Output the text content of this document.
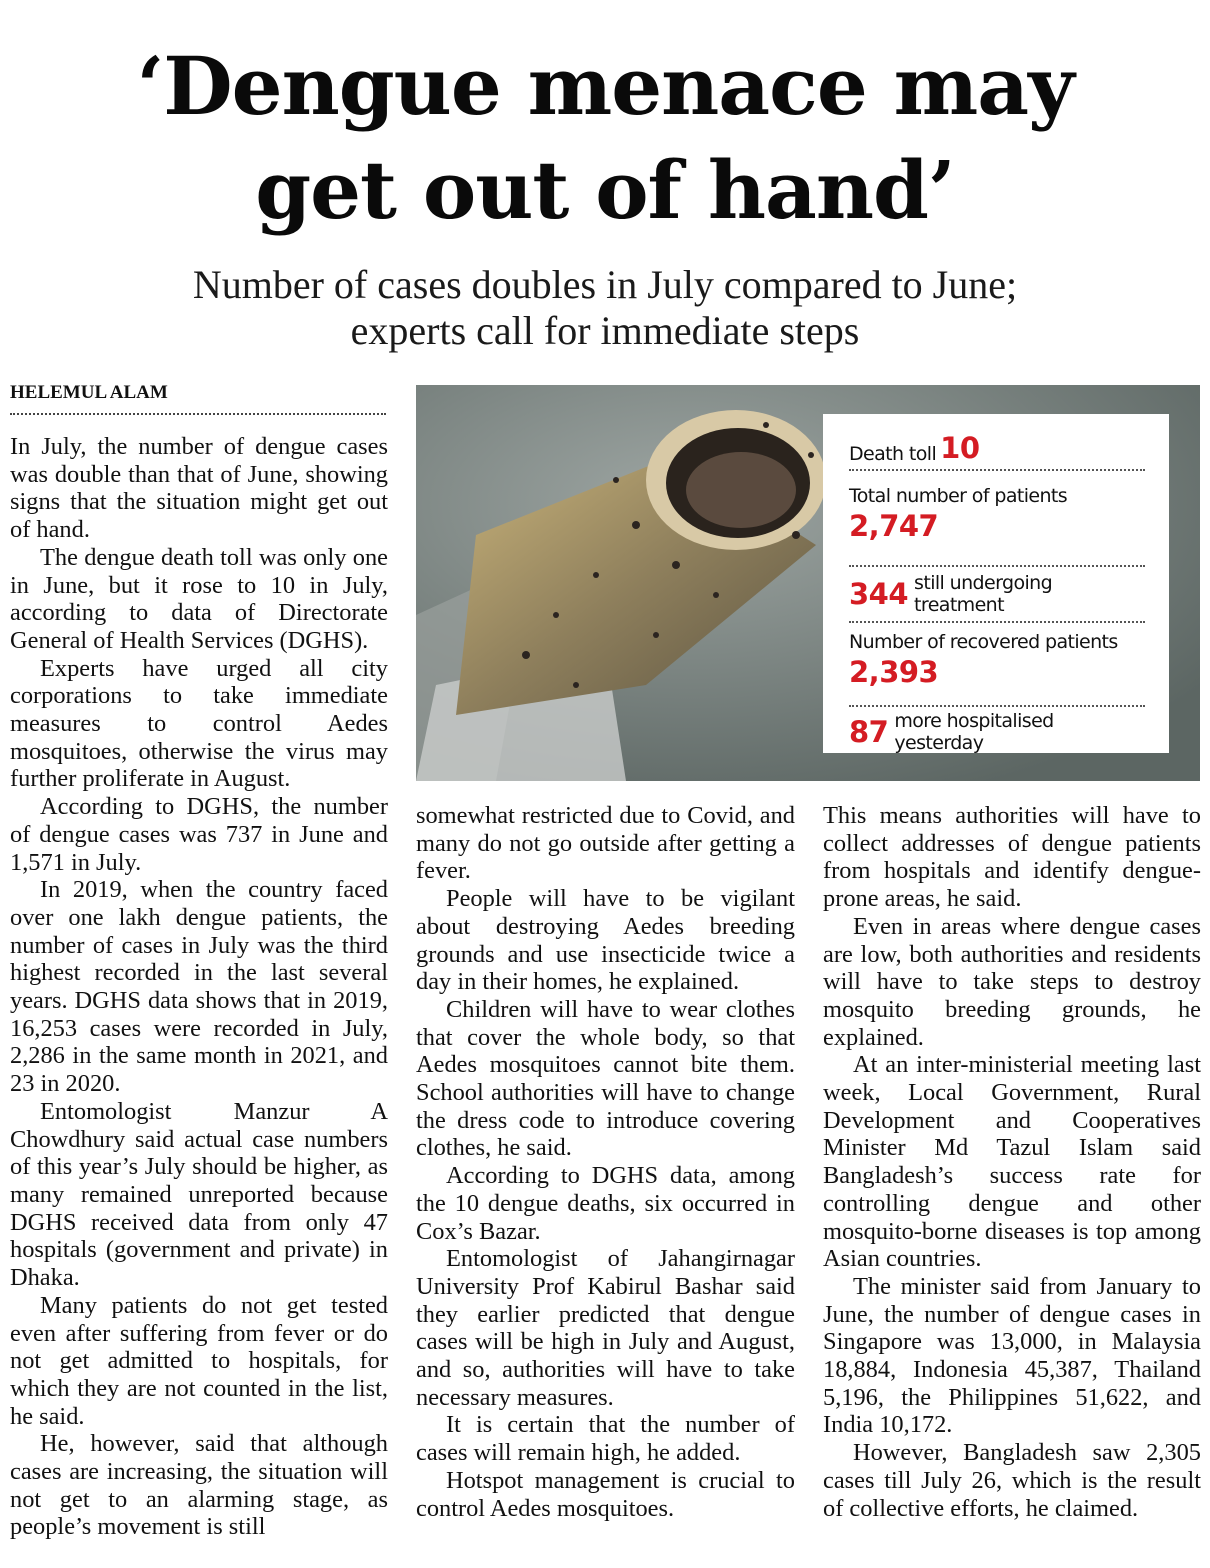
‘Dengue menace may
get out of hand’
Number of cases doubles in July compared to June;
experts call for immediate steps
HELEMUL ALAM

In July, the number of dengue cases was double than that of June, showing signs that the situation might get out of hand.

The dengue death toll was only one in June, but it rose to 10 in July, according to data of Directorate General of Health Services (DGHS).

Experts have urged all city corporations to take immediate measures to control Aedes mosquitoes, otherwise the virus may further proliferate in August.

According to DGHS, the number of dengue cases was 737 in June and 1,571 in July.

In 2019, when the country faced over one lakh dengue patients, the number of cases in July was the third highest recorded in the last several years. DGHS data shows that in 2019, 16,253 cases were recorded in July, 2,286 in the same month in 2021, and 23 in 2020.

Entomologist Manzur A Chowdhury said actual case numbers of this year’s July should be higher, as many remained unreported because DGHS received data from only 47 hospitals (government and private) in Dhaka.

Many patients do not get tested even after suffering from fever or do not get admitted to hospitals, for which they are not counted in the list, he said.

He, however, said that although cases are increasing, the situation will not get to an alarming stage, as people’s movement is still

Death toll 10
Total number of patients
2,747
344 still undergoing treatment
Number of recovered patients
2,393
87 more hospitalised yesterday

somewhat restricted due to Covid, and many do not go outside after getting a fever.

People will have to be vigilant about destroying Aedes breeding grounds and use insecticide twice a day in their homes, he explained.

Children will have to wear clothes that cover the whole body, so that Aedes mosquitoes cannot bite them. School authorities will have to change the dress code to introduce covering clothes, he said.

According to DGHS data, among the 10 dengue deaths, six occurred in Cox’s Bazar.

Entomologist of Jahangirnagar University Prof Kabirul Bashar said they earlier predicted that dengue cases will be high in July and August, and so, authorities will have to take necessary measures.

It is certain that the number of cases will remain high, he added.

Hotspot management is crucial to control Aedes mosquitoes.

This means authorities will have to collect addresses of dengue patients from hospitals and identify dengue-prone areas, he said.

Even in areas where dengue cases are low, both authorities and residents will have to take steps to destroy mosquito breeding grounds, he explained.

At an inter-ministerial meeting last week, Local Government, Rural Development and Cooperatives Minister Md Tazul Islam said Bangladesh’s success rate for controlling dengue and other mosquito-borne diseases is top among Asian countries.

The minister said from January to June, the number of dengue cases in Singapore was 13,000, in Malaysia 18,884, Indonesia 45,387, Thailand 5,196, the Philippines 51,622, and India 10,172.

However, Bangladesh saw 2,305 cases till July 26, which is the result of collective efforts, he claimed.
